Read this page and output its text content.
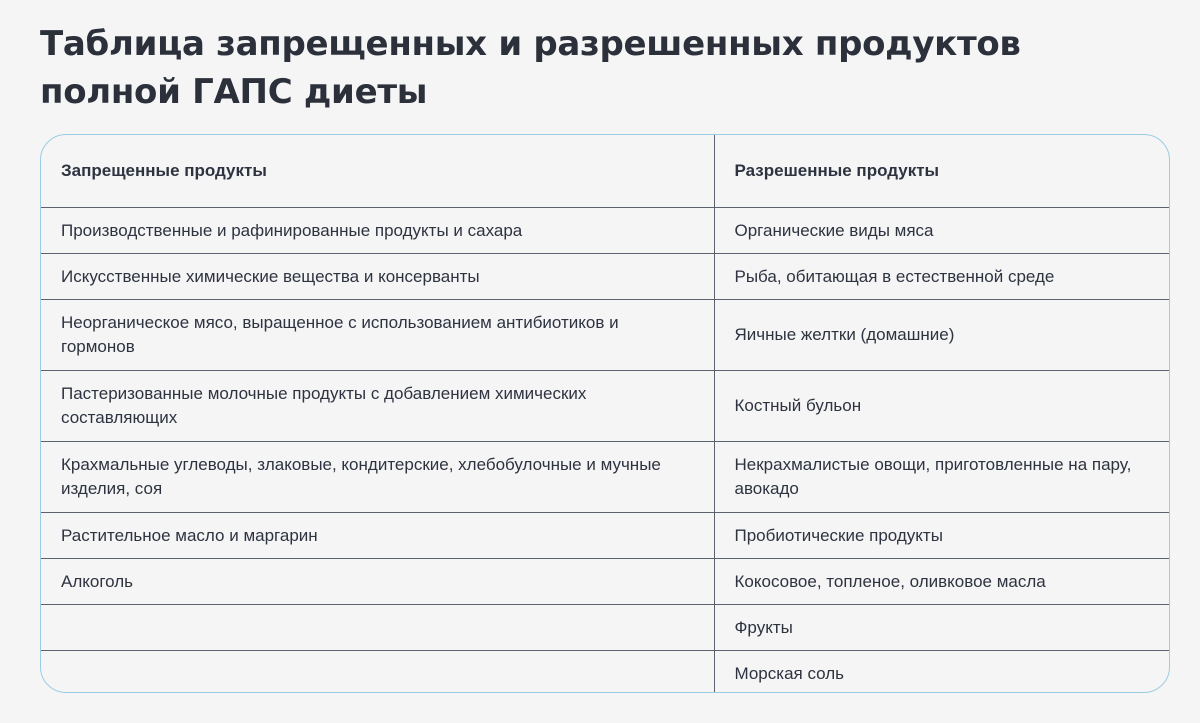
Таблица запрещенных и разрешенных продуктов полной ГАПС диеты
Запрещенные продукты	Разрешенные продукты
Производственные и рафинированные продукты и сахара	Органические виды мяса
Искусственные химические вещества и консерванты	Рыба, обитающая в естественной среде
Неорганическое мясо, выращенное с использованием антибиотиков и гормонов	Яичные желтки (домашние)
Пастеризованные молочные продукты с добавлением химических составляющих	Костный бульон
Крахмальные углеводы, злаковые, кондитерские, хлебобулочные и мучные изделия, соя	Некрахмалистые овощи, приготовленные на пару, авокадо
Растительное масло и маргарин	Пробиотические продукты
Алкоголь	Кокосовое, топленое, оливковое масла
	Фрукты
	Морская соль
